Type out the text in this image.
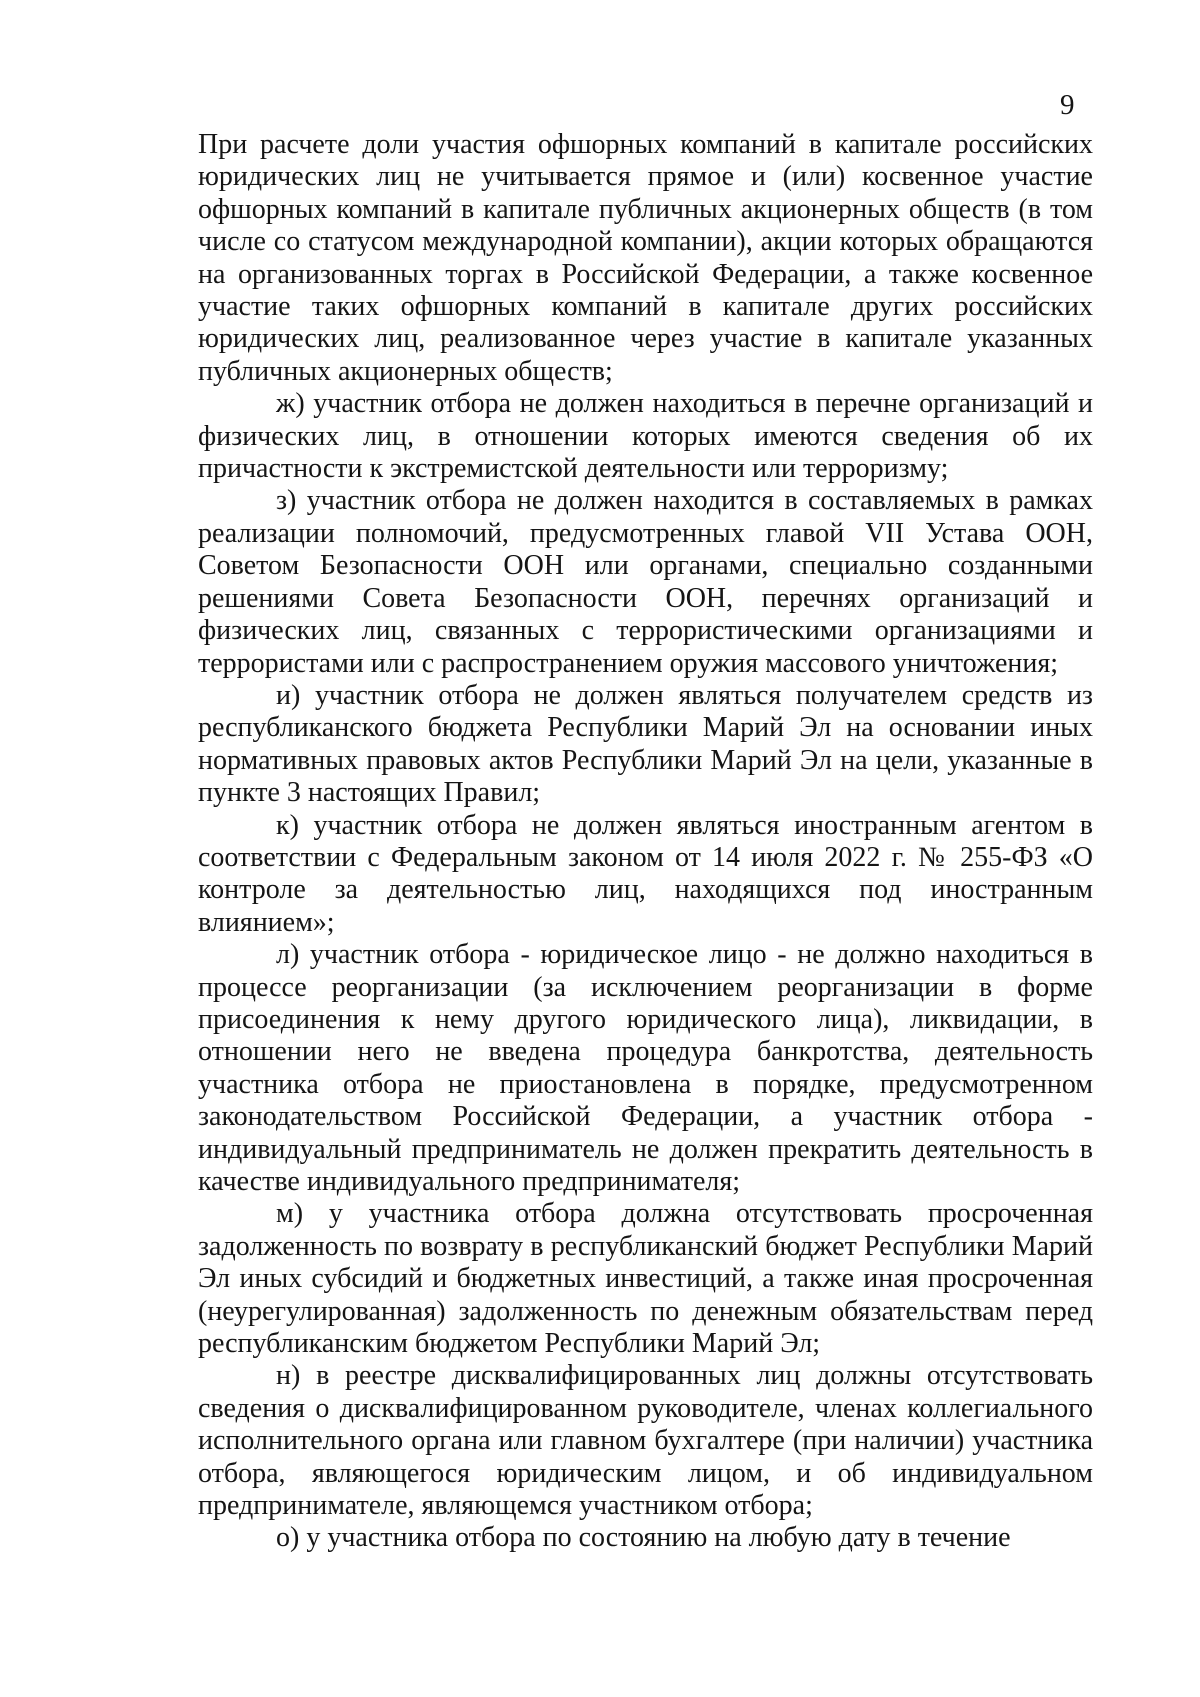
9

При расчете доли участия офшорных компаний в капитале российских юридических лиц не учитывается прямое и (или) косвенное участие офшорных компаний в капитале публичных акционерных обществ (в том числе со статусом международной компании), акции которых обращаются на организованных торгах в Российской Федерации, а также косвенное участие таких офшорных компаний в капитале других российских юридических лиц, реализованное через участие в капитале указанных публичных акционерных обществ;

ж) участник отбора не должен находиться в перечне организаций и физических лиц, в отношении которых имеются сведения об их причастности к экстремистской деятельности или терроризму;

з) участник отбора не должен находится в составляемых в рамках реализации полномочий, предусмотренных главой VII Устава ООН, Советом Безопасности ООН или органами, специально созданными решениями Совета Безопасности ООН, перечнях организаций и физических лиц, связанных с террористическими организациями и террористами или с распространением оружия массового уничтожения;

и) участник отбора не должен являться получателем средств из республиканского бюджета Республики Марий Эл на основании иных нормативных правовых актов Республики Марий Эл на цели, указанные в пункте 3 настоящих Правил;

к) участник отбора не должен являться иностранным агентом в соответствии с Федеральным законом от 14 июля 2022 г. № 255-ФЗ «О контроле за деятельностью лиц, находящихся под иностранным влиянием»;

л) участник отбора - юридическое лицо - не должно находиться в процессе реорганизации (за исключением реорганизации в форме присоединения к нему другого юридического лица), ликвидации, в отношении него не введена процедура банкротства, деятельность участника отбора не приостановлена в порядке, предусмотренном законодательством Российской Федерации, а участник отбора - индивидуальный предприниматель не должен прекратить деятельность в качестве индивидуального предпринимателя;

м) у участника отбора должна отсутствовать просроченная задолженность по возврату в республиканский бюджет Республики Марий Эл иных субсидий и бюджетных инвестиций, а также иная просроченная (неурегулированная) задолженность по денежным обязательствам перед республиканским бюджетом Республики Марий Эл;

н) в реестре дисквалифицированных лиц должны отсутствовать сведения о дисквалифицированном руководителе, членах коллегиального исполнительного органа или главном бухгалтере (при наличии) участника отбора, являющегося юридическим лицом, и об индивидуальном предпринимателе, являющемся участником отбора;

о) у участника отбора по состоянию на любую дату в течение
